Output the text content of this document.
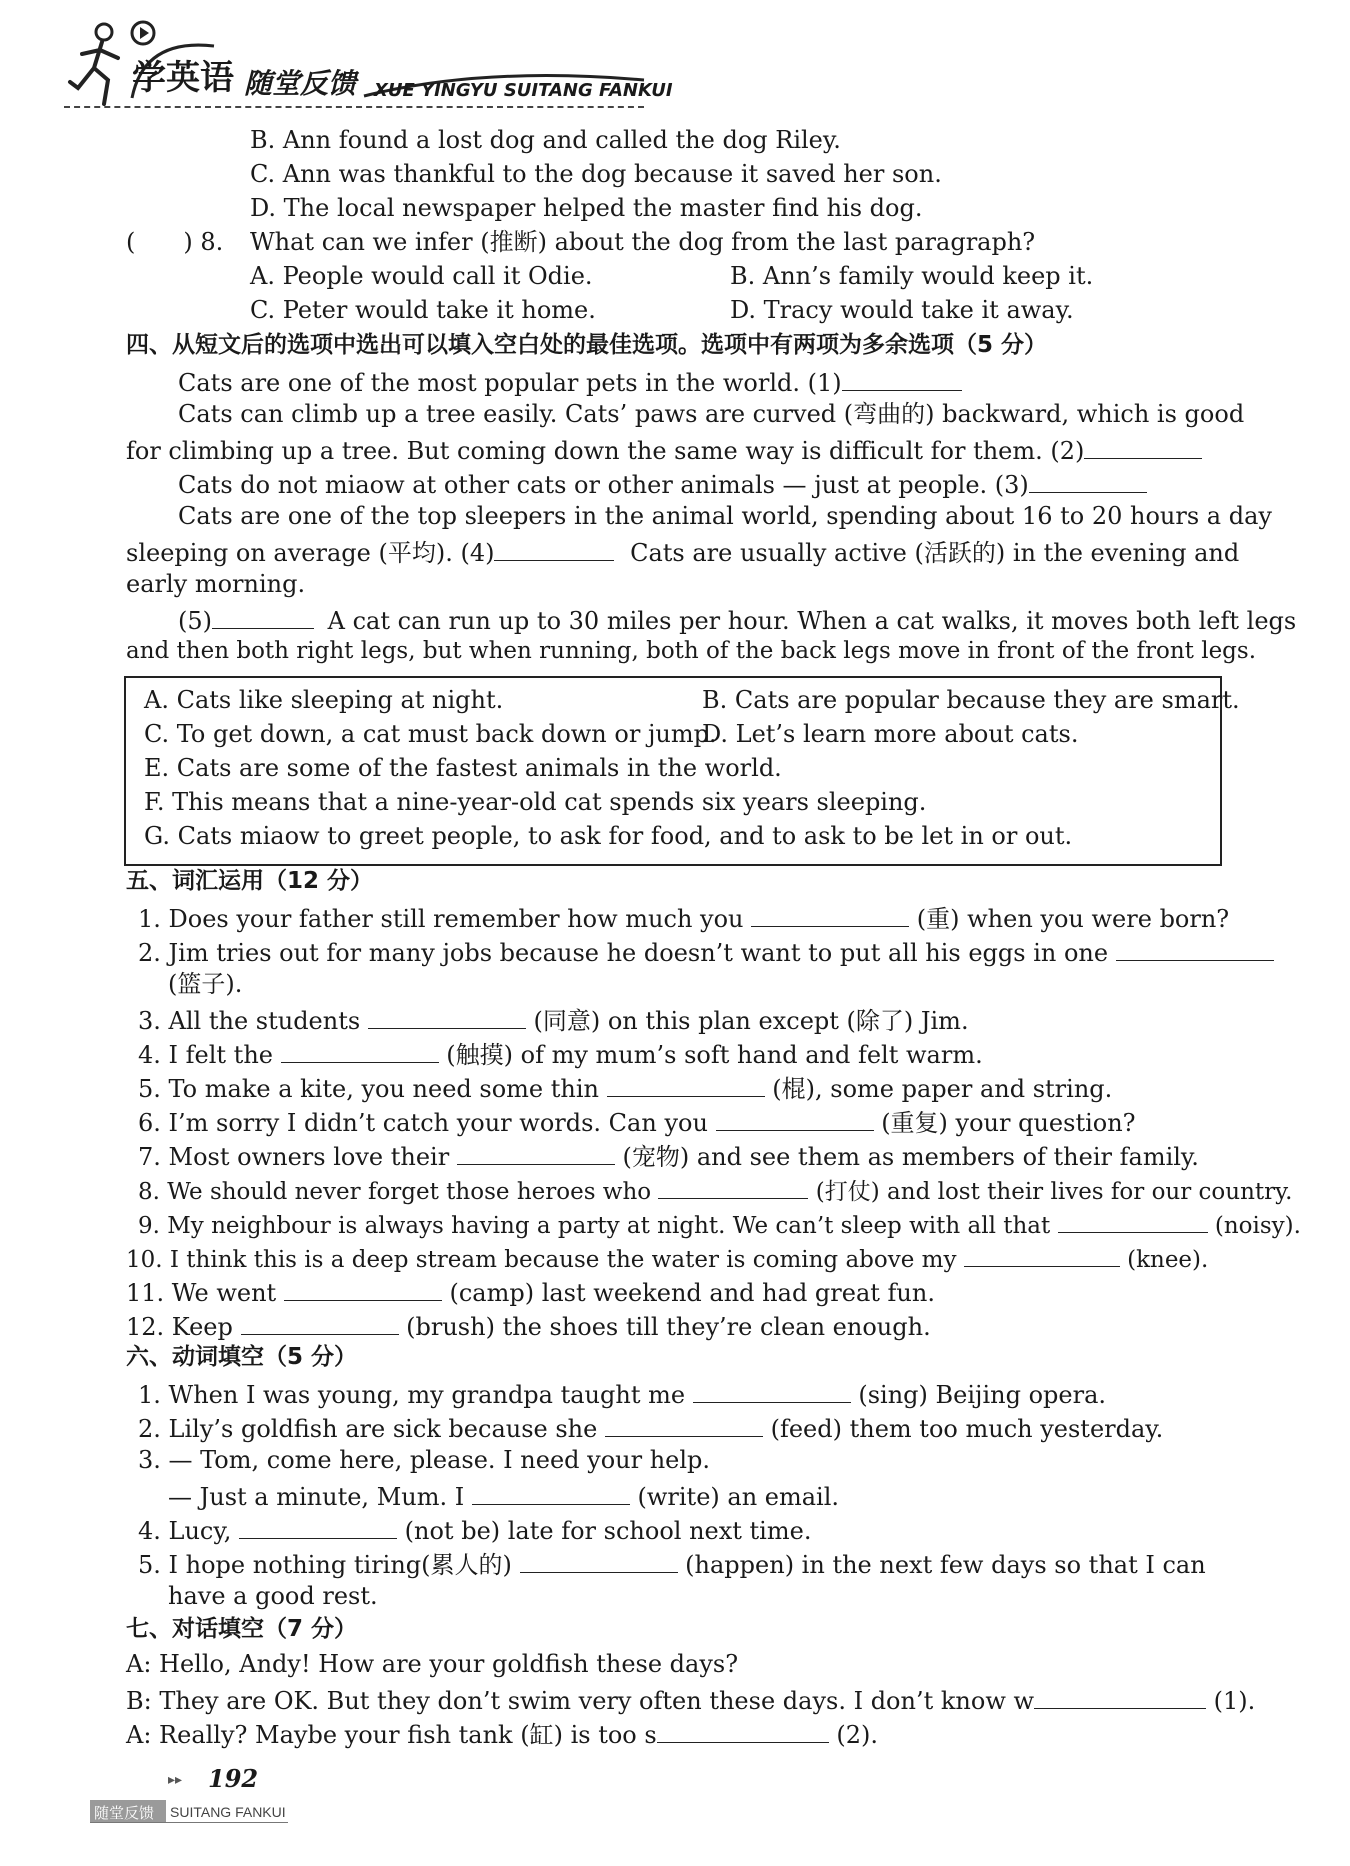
学英语 随堂反馈 XUE YINGYU SUITANG FANKUI
B. Ann found a lost dog and called the dog Riley.
C. Ann was thankful to the dog because it saved her son.
D. The local newspaper helped the master find his dog.
(　　) 8. What can we infer (推断) about the dog from the last paragraph?
A. People would call it Odie.	B. Ann’s family would keep it.
C. Peter would take it home.	D. Tracy would take it away.
四、从短文后的选项中选出可以填入空白处的最佳选项。选项中有两项为多余选项（5 分）
Cats are one of the most popular pets in the world. (1)
Cats can climb up a tree easily. Cats’ paws are curved (弯曲的) backward, which is good
for climbing up a tree. But coming down the same way is difficult for them. (2)
Cats do not miaow at other cats or other animals — just at people. (3)
Cats are one of the top sleepers in the animal world, spending about 16 to 20 hours a day
sleeping on average (平均). (4)	Cats are usually active (活跃的) in the evening and
early morning.
(5)	A cat can run up to 30 miles per hour. When a cat walks, it moves both left legs
and then both right legs, but when running, both of the back legs move in front of the front legs.
A. Cats like sleeping at night.	B. Cats are popular because they are smart.
C. To get down, a cat must back down or jump.
D. Let’s learn more about cats.
E. Cats are some of the fastest animals in the world.
F. This means that a nine-year-old cat spends six years sleeping.
G. Cats miaow to greet people, to ask for food, and to ask to be let in or out.
五、词汇运用（12 分）
1. Does your father still remember how much you	(重) when you were born?
2. Jim tries out for many jobs because he doesn’t want to put all his eggs in one
(篮子).
3. All the students	(同意) on this plan except (除了) Jim.
4. I felt the	(触摸) of my mum’s soft hand and felt warm.
5. To make a kite, you need some thin	(棍), some paper and string.
6. I’m sorry I didn’t catch your words. Can you	(重复) your question?
7. Most owners love their	(宠物) and see them as members of their family.
8. We should never forget those heroes who	(打仗) and lost their lives for our country.
9. My neighbour is always having a party at night. We can’t sleep with all that	(noisy).
10. I think this is a deep stream because the water is coming above my	(knee).
11. We went	(camp) last weekend and had great fun.
12. Keep	(brush) the shoes till they’re clean enough.
六、动词填空（5 分）
1. When I was young, my grandpa taught me	(sing) Beijing opera.
2. Lily’s goldfish are sick because she	(feed) them too much yesterday.
3. — Tom, come here, please. I need your help.
— Just a minute, Mum. I	(write) an email.
4. Lucy,	(not be) late for school next time.
5. I hope nothing tiring(累人的)	(happen) in the next few days so that I can
have a good rest.
七、对话填空（7 分）
A: Hello, Andy! How are your goldfish these days?
B: They are OK. But they don’t swim very often these days. I don’t know w	(1).
A: Really? Maybe your fish tank (缸) is too s	(2).
▸▸ 192
随堂反馈 SUITANG FANKUI
